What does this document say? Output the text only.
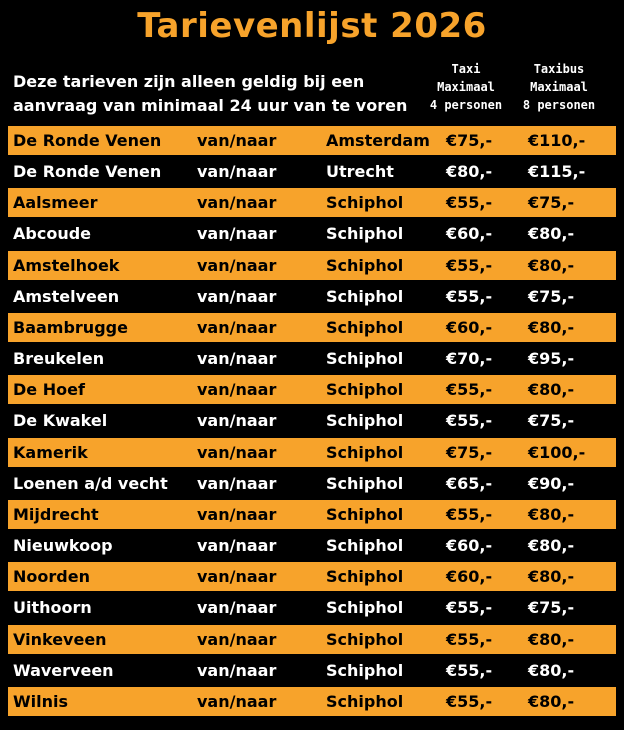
Tarievenlijst 2026
Deze tarieven zijn alleen geldig bij een
aanvraag van minimaal 24 uur van te voren
Taxi
Maximaal
4 personen
Taxibus
Maximaal
8 personen
De Ronde Venen van/naar	Amsterdam €75,- €110,-
De Ronde Venen van/naar	Utrecht	€80,- €115,-
Aalsmeer	van/naar	Schiphol	€55,- €75,-
Abcoude	van/naar	Schiphol	€60,- €80,-
Amstelhoek	van/naar	Schiphol	€55,- €80,-
Amstelveen	van/naar	Schiphol	€55,- €75,-
Baambrugge	van/naar	Schiphol	€60,- €80,-
Breukelen	van/naar	Schiphol	€70,- €95,-
De Hoef	van/naar	Schiphol	€55,- €80,-
De Kwakel	van/naar	Schiphol	€55,- €75,-
Kamerik	van/naar	Schiphol	€75,- €100,-
Loenen a/d vecht van/naar	Schiphol	€65,- €90,-
Mijdrecht	van/naar	Schiphol	€55,- €80,-
Nieuwkoop	van/naar	Schiphol	€60,- €80,-
Noorden	van/naar	Schiphol	€60,- €80,-
Uithoorn	van/naar	Schiphol	€55,- €75,-
Vinkeveen	van/naar	Schiphol	€55,- €80,-
Waverveen	van/naar	Schiphol	€55,- €80,-
Wilnis	van/naar	Schiphol	€55,- €80,-
